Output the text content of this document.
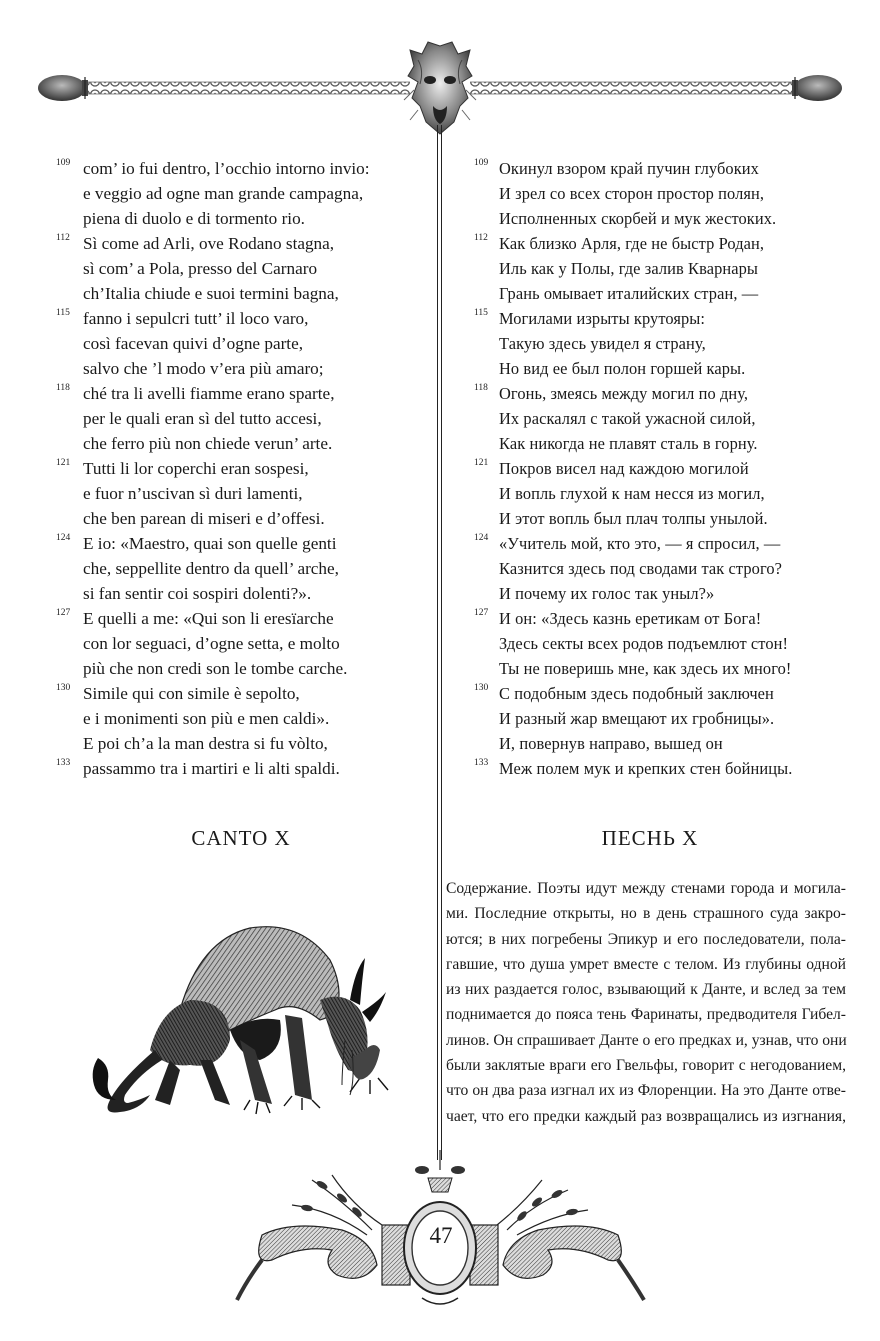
109 com’ io fui dentro, l’occhio intorno invio:
e veggio ad ogne man grande campagna,
piena di duolo e di tormento rio.
112 Sì come ad Arli, ove Rodano stagna,
sì com’ a Pola, presso del Carnaro
ch’Italia chiude e suoi termini bagna,
115 fanno i sepulcri tutt’ il loco varo,
così facevan quivi d’ogne parte,
salvo che ’l modo v’era più amaro;
118 ché tra li avelli fiamme erano sparte,
per le quali eran sì del tutto accesi,
che ferro più non chiede verun’ arte.
121 Tutti li lor coperchi eran sospesi,
e fuor n’uscivan sì duri lamenti,
che ben parean di miseri e d’offesi.
124 E io: «Maestro, quai son quelle genti
che, seppellite dentro da quell’ arche,
si fan sentir coi sospiri dolenti?».
127 E quelli a me: «Qui son li eresïarche
con lor seguaci, d’ogne setta, e molto
più che non credi son le tombe carche.
130 Simile qui con simile è sepolto,
e i monimenti son più e men caldi».
E poi ch’a la man destra si fu vòlto,
133 passammo tra i martiri e li alti spaldi.
109 Окинул взором край пучин глубоких
И зрел со всех сторон простор полян,
Исполненных скорбей и мук жестоких.
112 Как близко Арля, где не быстр Родан,
Иль как у Полы, где залив Кварнары
Грань омывает италийских стран, —
115 Могилами изрыты крутояры:
Такую здесь увидел я страну,
Но вид ее был полон горшей кары.
118 Огонь, змеясь между могил по дну,
Их раскалял с такой ужасной силой,
Как никогда не плавят сталь в горну.
121 Покров висел над каждою могилой
И вопль глухой к нам несся из могил,
И этот вопль был плач толпы унылой.
124 «Учитель мой, кто это, — я спросил, —
Казнится здесь под сводами так строго?
И почему их голос так уныл?»
127 И он: «Здесь казнь еретикам от Бога!
Здесь секты всех родов подъемлют стон!
Ты не поверишь мне, как здесь их много!
130 С подобным здесь подобный заключен
И разный жар вмещают их гробницы».
И, повернув направо, вышед он
133 Меж полем мук и крепких стен бойницы.
CANTO X	ПЕСНЬ X
Содержание. Поэты идут между стенами города и могила-
ми. Последние открыты, но в день страшного суда закро-
ются; в них погребены Эпикур и его последователи, пола-
гавшие, что душа умрет вместе с телом. Из глубины одной
из них раздается голос, взывающий к Данте, и вслед за тем
поднимается до пояса тень Фаринаты, предводителя Гибел-
линов. Он спрашивает Данте о его предках и, узнав, что они
были заклятые враги его Гвельфы, говорит с негодованием,
что он два раза изгнал их из Флоренции. На это Данте отве-
чает, что его предки каждый раз возвращались из изгнания,
47
